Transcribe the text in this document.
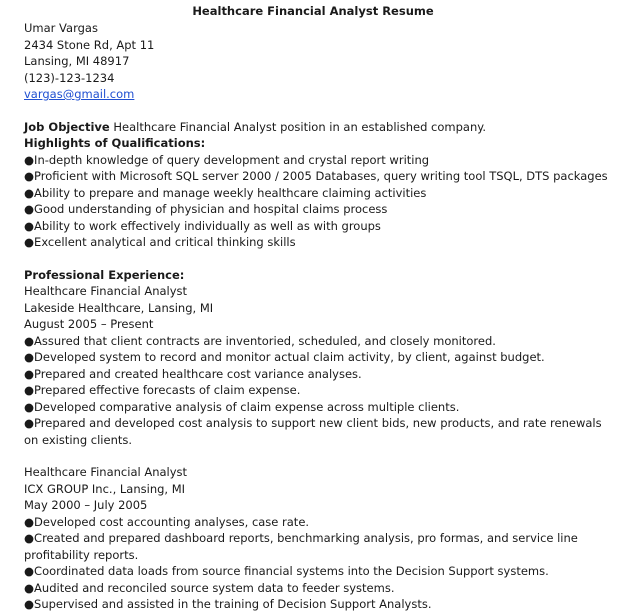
Healthcare Financial Analyst Resume
Umar Vargas
2434 Stone Rd, Apt 11
Lansing, MI 48917
(123)-123-1234
vargas@gmail.com
Job Objective Healthcare Financial Analyst position in an established company.
Highlights of Qualifications:
●In-depth knowledge of query development and crystal report writing
●Proficient with Microsoft SQL server 2000 / 2005 Databases, query writing tool TSQL, DTS packages
●Ability to prepare and manage weekly healthcare claiming activities
●Good understanding of physician and hospital claims process
●Ability to work effectively individually as well as with groups
●Excellent analytical and critical thinking skills
Professional Experience:
Healthcare Financial Analyst
Lakeside Healthcare, Lansing, MI
August 2005 – Present
●Assured that client contracts are inventoried, scheduled, and closely monitored.
●Developed system to record and monitor actual claim activity, by client, against budget.
●Prepared and created healthcare cost variance analyses.
●Prepared effective forecasts of claim expense.
●Developed comparative analysis of claim expense across multiple clients.
●Prepared and developed cost analysis to support new client bids, new products, and rate renewals on existing clients.
Healthcare Financial Analyst
ICX GROUP Inc., Lansing, MI
May 2000 – July 2005
●Developed cost accounting analyses, case rate.
●Created and prepared dashboard reports, benchmarking analysis, pro formas, and service line profitability reports.
●Coordinated data loads from source financial systems into the Decision Support systems.
●Audited and reconciled source system data to feeder systems.
●Supervised and assisted in the training of Decision Support Analysts.
